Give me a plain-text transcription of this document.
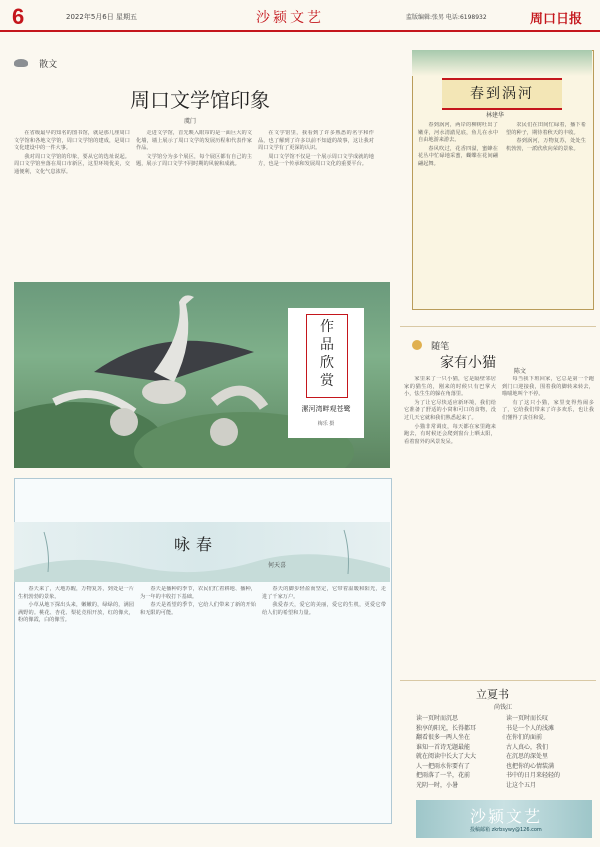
6	2022年5月6日 星期五	沙颍文艺	监版编辑:张男 电话:6198932	周口日报
散文
周口文学馆印象
虞门

在省级最早的知名的图书馆，就是那几座周口文学馆和各地文学馆，周口文学馆的建成，是周口文化建设中的一件大事。

我对周口文学馆的印象，要从它的选址说起。周口文学馆坐落在周口市新区，这里环境优美，交通便利，文化气息浓厚。

走进文学馆，首先映入眼帘的是一面巨大的文化墙，墙上展示了周口文学的发展历程和代表作家作品。

文学馆分为多个展区，每个展区都有自己的主题，展示了周口文学不同时期的风貌和成就。

在文学馆里，我看到了许多熟悉的名字和作品，也了解到了许多以前不知道的故事，这让我对周口文学有了更深的认识。

周口文学馆不仅是一个展示周口文学成就的地方，也是一个传承和发展周口文化的重要平台。

春到涡河
林建华

春到涡河，两岸的柳树吐出了嫩芽，河水清澈见底，鱼儿在水中自由地游来游去。

春风吹过，花香四溢，蜜蜂在花丛中忙碌地采蜜，蝴蝶在花间翩翩起舞。

农民们在田间忙碌着，播下希望的种子，期待着秋天的丰收。

春到涡河，万物复苏，处处生机勃勃，一派欣欣向荣的景象。

作品欣赏
漯河湾畔观苍鹭
梅乐 摄
随笔
家有小猫
陈文

家里来了一只小猫，它是隔壁邻居家的猫生的，刚来的时候只有巴掌大小，怯生生的躲在角落里。

为了让它尽快适应新环境，我们给它准备了舒适的小窝和可口的食物，没过几天它就和我们熟悉起来了。

小猫非常调皮，每天都在家里跑来跑去，有时候还会爬到窗台上晒太阳，看着窗外的风景发呆。

每当我下班回家，它总是第一个跑到门口迎接我，围着我的脚转来转去，喵喵地叫个不停。

有了这只小猫，家里变得热闹多了，它给我们带来了许多欢乐，也让我们懂得了责任和爱。

咏春
何天喜

春天来了，大地苏醒，万物复苏，到处是一片生机勃勃的景象。

小草从地下探出头来，嫩嫩的，绿绿的，满园满野的。桃花、杏花、梨花竞相开放，红的像火，粉的像霞，白的像雪。

春天是播种的季节，农民们忙着耕地、播种，为一年的丰收打下基础。

春天是希望的季节，它给人们带来了新的开始和无限的可能。

春天的脚步轻盈而坚定，它带着温暖和阳光，走进了千家万户。

我爱春天，爱它的美丽，爱它的生机，更爱它带给人们的希望和力量。

立夏书
尚钱江
读一页时而沉思
独享的阳光，长得都耳
翻看很多一两人坐在
谁知一首诗无题最能
就在阅读中长大了大大
人一把雨水你要有了
把雨落了一半，花前
光阴一时，小暑
读一页时而长叹
书是一个人的浅滩
在你们的面前
古人真心，我们
在沉思的深处里
也把你的心情装满
书中的日月来轻轻的
让这个五月
沙颍文艺
投稿邮箱 zkrbsywy@126.com
